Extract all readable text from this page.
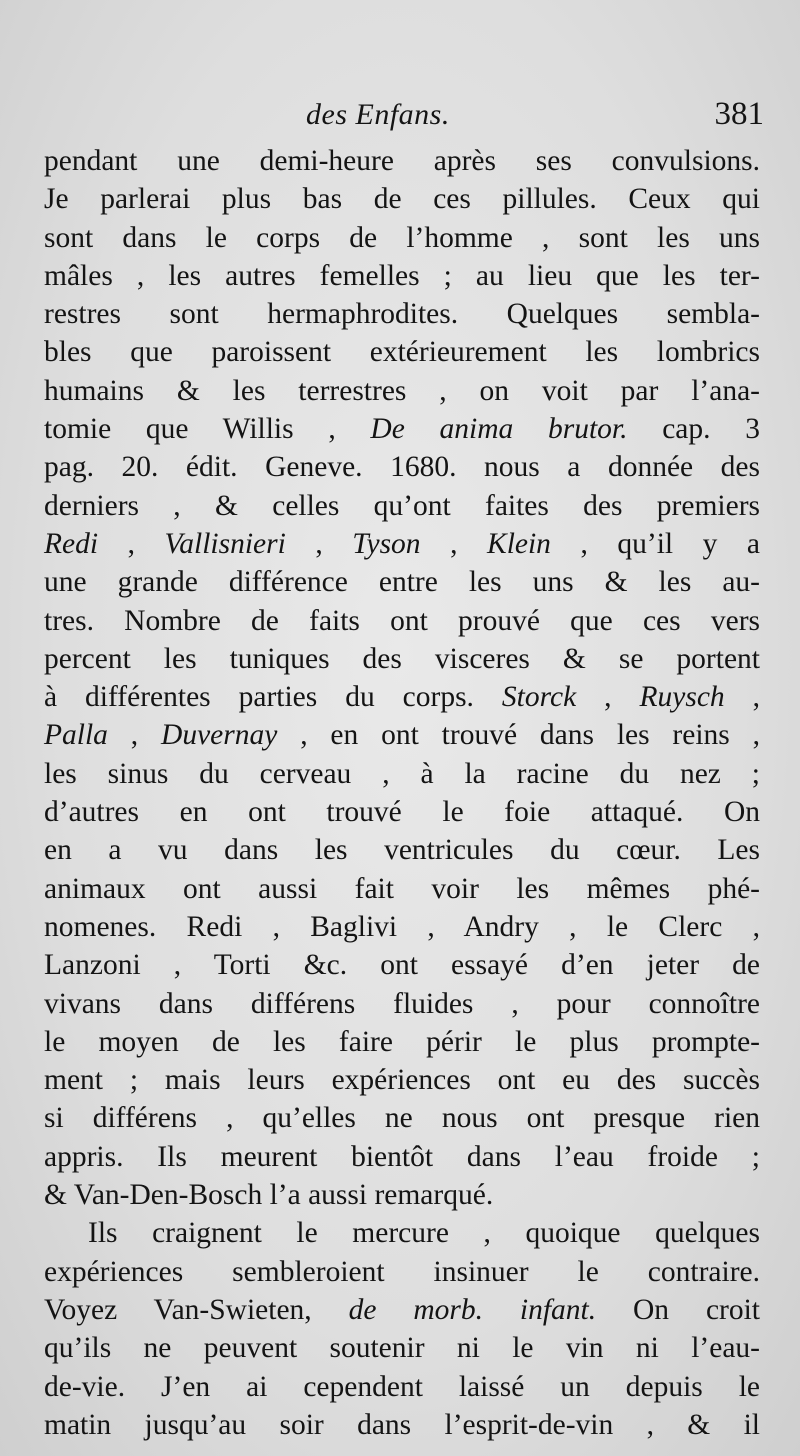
des Enfans.	381
pendant une demi-heure après ses convulsions.
Je parlerai plus bas de ces pillules. Ceux qui
sont dans le corps de l’homme , sont les uns
mâles , les autres femelles ; au lieu que les ter-
restres sont hermaphrodites. Quelques sembla-
bles que paroissent extérieurement les lombrics
humains & les terrestres , on voit par l’ana-
tomie que Willis , De anima brutor. cap. 3
pag. 20. édit. Geneve. 1680. nous a donnée des
derniers , & celles qu’ont faites des premiers
Redi , Vallisnieri , Tyson , Klein , qu’il y a
une grande différence entre les uns & les au-
tres. Nombre de faits ont prouvé que ces vers
percent les tuniques des visceres & se portent
à différentes parties du corps. Storck , Ruysch ,
Palla , Duvernay , en ont trouvé dans les reins ,
les sinus du cerveau , à la racine du nez ;
d’autres en ont trouvé le foie attaqué. On
en a vu dans les ventricules du cœur. Les
animaux ont aussi fait voir les mêmes phé-
nomenes. Redi , Baglivi , Andry , le Clerc ,
Lanzoni , Torti &c. ont essayé d’en jeter de
vivans dans différens fluides , pour connoître
le moyen de les faire périr le plus prompte-
ment ; mais leurs expériences ont eu des succès
si différens , qu’elles ne nous ont presque rien
appris. Ils meurent bientôt dans l’eau froide ;
& Van-Den-Bosch l’a aussi remarqué.
Ils craignent le mercure , quoique quelques
expériences sembleroient insinuer le contraire.
Voyez Van-Swieten, de morb. infant. On croit
qu’ils ne peuvent soutenir ni le vin ni l’eau-
de-vie. J’en ai cependent laissé un depuis le
matin jusqu’au soir dans l’esprit-de-vin , & il
